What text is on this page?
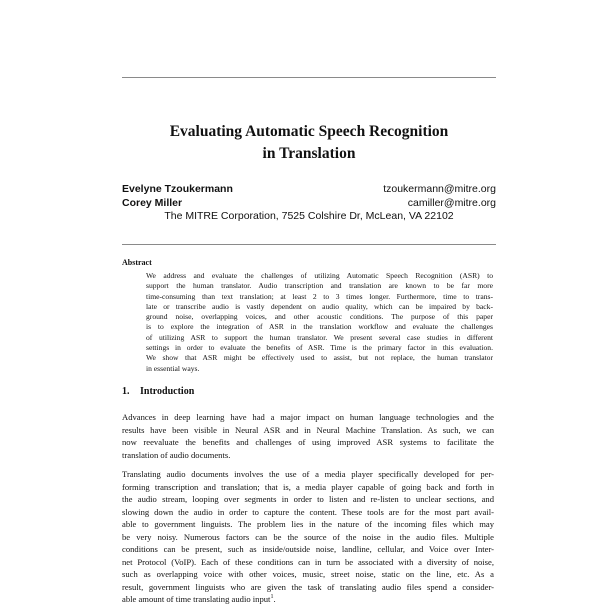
Evaluating Automatic Speech Recognition
in Translation
Evelyne Tzoukermann	tzoukermann@mitre.org
Corey Miller	camiller@mitre.org
The MITRE Corporation, 7525 Colshire Dr, McLean, VA 22102
Abstract
We address and evaluate the challenges of utilizing Automatic Speech Recognition (ASR) to
support the human translator. Audio transcription and translation are known to be far more
time-consuming than text translation; at least 2 to 3 times longer. Furthermore, time to trans-
late or transcribe audio is vastly dependent on audio quality, which can be impaired by back-
ground noise, overlapping voices, and other acoustic conditions. The purpose of this paper
is to explore the integration of ASR in the translation workflow and evaluate the challenges
of utilizing ASR to support the human translator. We present several case studies in different
settings in order to evaluate the benefits of ASR. Time is the primary factor in this evaluation.
We show that ASR might be effectively used to assist, but not replace, the human translator
in essential ways.
1. Introduction
Advances in deep learning have had a major impact on human language technologies and the
results have been visible in Neural ASR and in Neural Machine Translation. As such, we can
now reevaluate the benefits and challenges of using improved ASR systems to facilitate the
translation of audio documents.
Translating audio documents involves the use of a media player specifically developed for per-
forming transcription and translation; that is, a media player capable of going back and forth in
the audio stream, looping over segments in order to listen and re-listen to unclear sections, and
slowing down the audio in order to capture the content. These tools are for the most part avail-
able to government linguists. The problem lies in the nature of the incoming files which may
be very noisy. Numerous factors can be the source of the noise in the audio files. Multiple
conditions can be present, such as inside/outside noise, landline, cellular, and Voice over Inter-
net Protocol (VoIP). Each of these conditions can in turn be associated with a diversity of noise,
such as overlapping voice with other voices, music, street noise, static on the line, etc. As a
result, government linguists who are given the task of translating audio files spend a consider-
able amount of time translating audio input$^1$.
